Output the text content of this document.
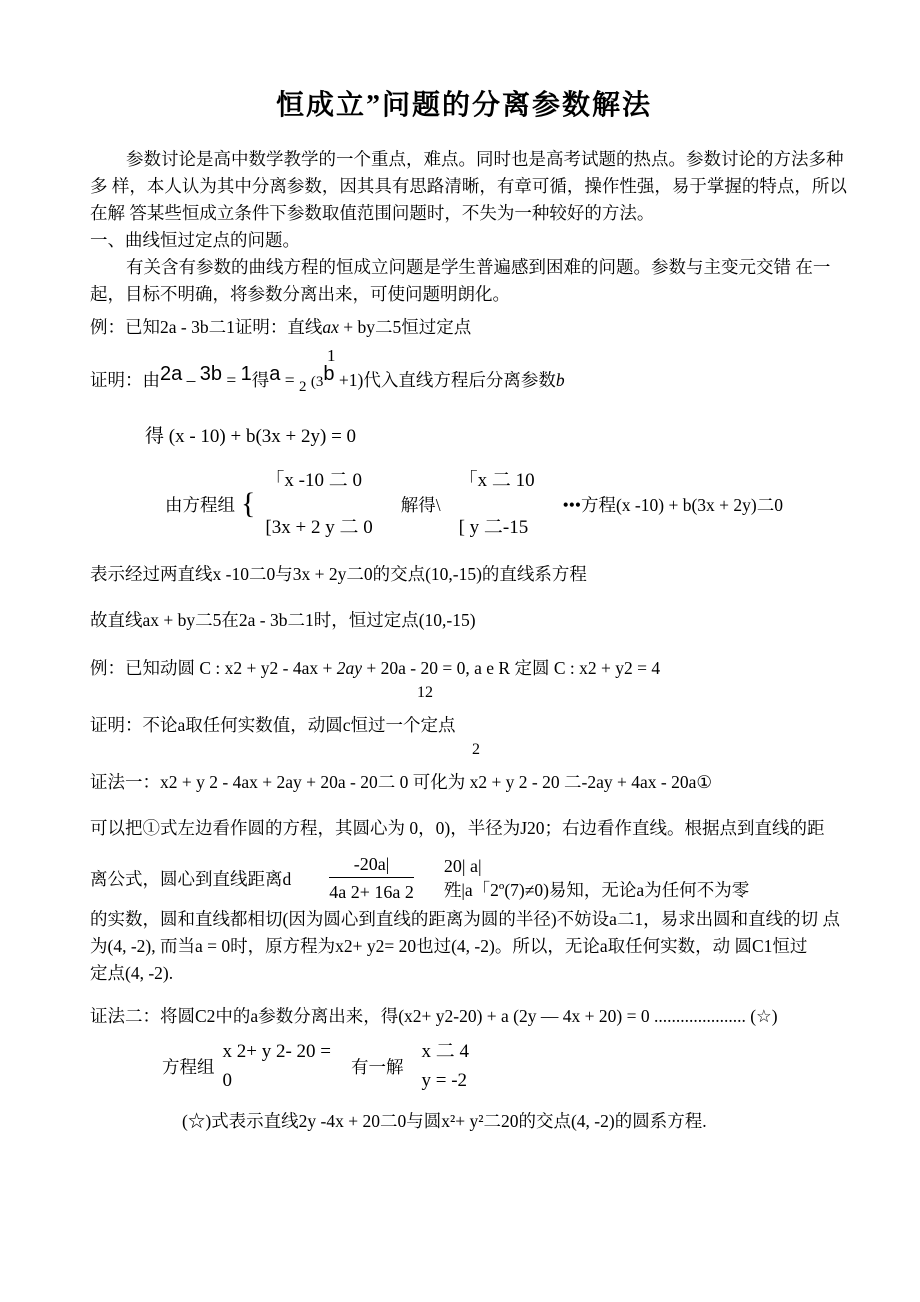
恒成立”问题的分离参数解法
参数讨论是高中数学教学的一个重点，难点。同时也是高考试题的热点。参数讨论的方法多种
多 样，本人认为其中分离参数，因其具有思路清晰，有章可循，操作性强，易于掌握的特点，所以
在解 答某些恒成立条件下参数取值范围问题时，不失为一种较好的方法。
一、曲线恒过定点的问题。
有关含有参数的曲线方程的恒成立问题是学生普遍感到困难的问题。参数与主变元交错 在一
起，目标不明确，将参数分离出来，可使问题明朗化。
例：已知2a - 3b二1证明：直线ax + by二5恒过定点
1
证明：由2a – 3b = 1得a = 2 (3b +1)代入直线方程后分离参数b
得 (x - 10) + b(3x + 2y) = 0
由方程组 {
「x -10 二 0
[3x + 2 y 二 0
解得\
「x 二 10
[ y 二-15
•••方程(x -10) + b(3x + 2y)二0
表示经过两直线x -10二0与3x + 2y二0的交点(10,-15)的直线系方程
故直线ax + by二5在2a - 3b二1时，恒过定点(10,-15)
例：已知动圆 C : x2 + y2 - 4ax + 2ay + 20a - 20 = 0, a e R 定圆 C : x2 + y2 = 4
12
证明：不论a取任何实数值，动圆c恒过一个定点
2
证法一：x2 + y 2 - 4ax + 2ay + 20a - 20二 0 可化为 x2 + y 2 - 20 二-2ay + 4ax - 20a①
可以把①式左边看作圆的方程，其圆心为 0，0)，半径为J20；右边看作直线。根据点到直线的距
离公式，圆心到直线距离d $\frac{-20a|}{4a 2+ 16a 2} 20|$ a|
殅|a「2º(7)≠0)易知，无论a为任何不为零
的实数，圆和直线都相切(因为圆心到直线的距离为圆的半径)不妨设a二1，易求出圆和直线的切 点
为(4, -2), 而当a = 0时，原方程为x2+ y2= 20也过(4, -2)。所以，无论a取任何实数，动 圆C1恒过
定点(4, -2).
证法二：将圆C2中的a参数分离出来，得(x2+ y2-20) + a (2y — 4x + 20) = 0 ..................... (☆)
方程组
x 2+ y 2- 20 =
0
有一解
x 二 4
y = -2
(☆)式表示直线2y -4x + 20二0与圆x²+ y²二20的交点(4, -2)的圆系方程.
